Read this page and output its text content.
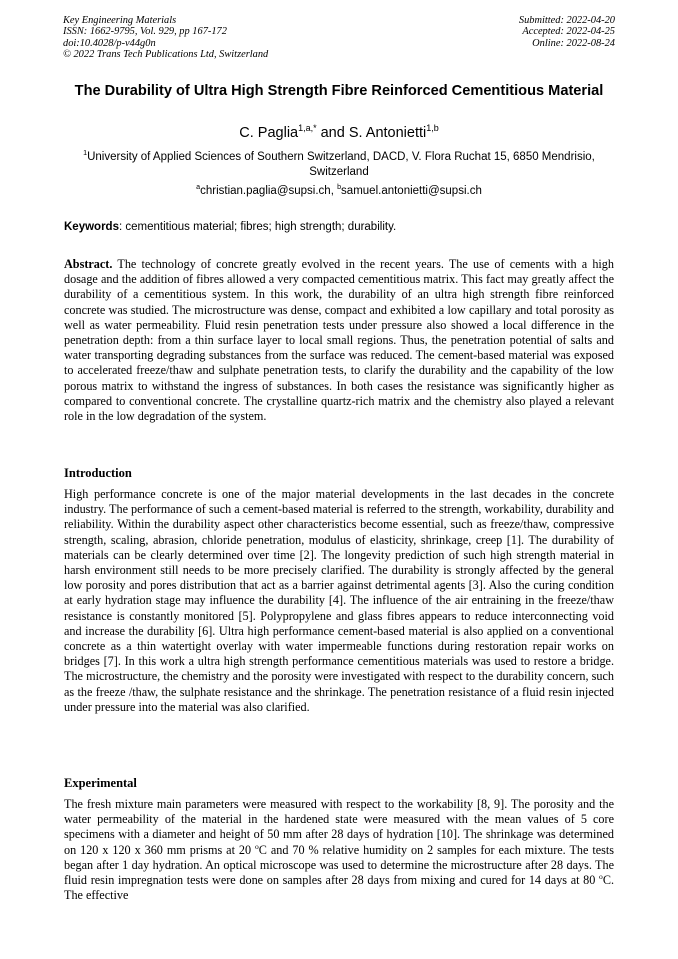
Key Engineering Materials
ISSN: 1662-9795, Vol. 929, pp 167-172
doi:10.4028/p-v44g0n
© 2022 Trans Tech Publications Ltd, Switzerland
Submitted: 2022-04-20
Accepted: 2022-04-25
Online: 2022-08-24
The Durability of Ultra High Strength Fibre Reinforced Cementitious Material
C. Paglia$^{1,a,*}$ and S. Antonietti$^{1,b}$
$^1$University of Applied Sciences of Southern Switzerland, DACD, V. Flora Ruchat 15, 6850 Mendrisio, Switzerland
$^a$christian.paglia@supsi.ch, $^b$samuel.antonietti@supsi.ch
Keywords: cementitious material; fibres; high strength; durability.
Abstract. The technology of concrete greatly evolved in the recent years. The use of cements with a high dosage and the addition of fibres allowed a very compacted cementitious matrix. This fact may greatly affect the durability of a cementitious system. In this work, the durability of an ultra high strength fibre reinforced concrete was studied. The microstructure was dense, compact and exhibited a low capillary and total porosity as well as water permeability. Fluid resin penetration tests under pressure also showed a local difference in the penetration depth: from a thin surface layer to local small regions. Thus, the penetration potential of salts and water transporting degrading substances from the surface was reduced. The cement-based material was exposed to accelerated freeze/thaw and sulphate penetration tests, to clarify the durability and the capability of the low porous matrix to withstand the ingress of substances. In both cases the resistance was significantly higher as compared to conventional concrete. The crystalline quartz-rich matrix and the chemistry also played a relevant role in the low degradation of the system.
Introduction
High performance concrete is one of the major material developments in the last decades in the concrete industry. The performance of such a cement-based material is referred to the strength, workability, durability and reliability. Within the durability aspect other characteristics become essential, such as freeze/thaw, compressive strength, scaling, abrasion, chloride penetration, modulus of elasticity, shrinkage, creep [1]. The durability of materials can be clearly determined over time [2]. The longevity prediction of such high strength material in harsh environment still needs to be more precisely clarified. The durability is strongly affected by the general low porosity and pores distribution that act as a barrier against detrimental agents [3]. Also the curing condition at early hydration stage may influence the durability [4]. The influence of the air entraining in the freeze/thaw resistance is constantly monitored [5]. Polypropylene and glass fibres appears to reduce interconnecting void and increase the durability [6]. Ultra high performance cement-based material is also applied on a conventional concrete as a thin watertight overlay with water impermeable functions during restoration repair works on bridges [7]. In this work a ultra high strength performance cementitious materials was used to restore a bridge. The microstructure, the chemistry and the porosity were investigated with respect to the durability concern, such as the freeze /thaw, the sulphate resistance and the shrinkage. The penetration resistance of a fluid resin injected under pressure into the material was also clarified.
Experimental
The fresh mixture main parameters were measured with respect to the workability [8, 9]. The porosity and the water permeability of the material in the hardened state were measured with the mean values of 5 core specimens with a diameter and height of 50 mm after 28 days of hydration [10]. The shrinkage was determined on 120 x 120 x 360 mm prisms at 20 $^o$C and 70 % relative humidity on 2 samples for each mixture. The tests began after 1 day hydration. An optical microscope was used to determine the microstructure after 28 days. The fluid resin impregnation tests were done on samples after 28 days from mixing and cured for 14 days at 80 $^o$C. The effective
